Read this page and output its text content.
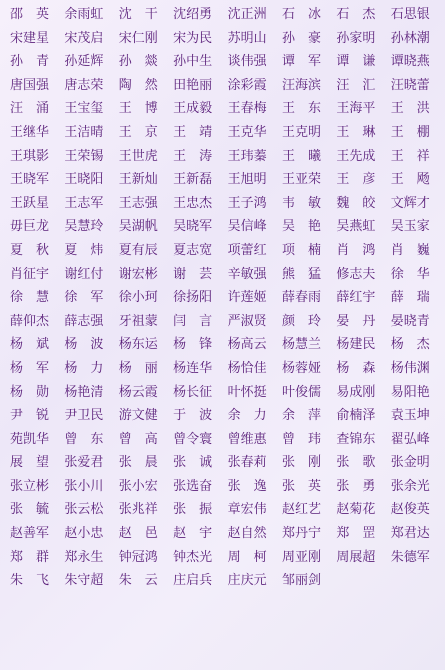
邵　英	余雨虹	沈　干	沈绍勇	沈正洲	石　冰	石　杰	石思银
宋建星	宋茂启	宋仁刚	宋为民	苏明山	孙　豪	孙家明	孙林潮
孙　青	孙延辉	孙　燚	孙中生	谈伟强	谭　军	谭　谦	谭晓燕
唐国强	唐志荣	陶　然	田艳丽	涂彩霞	汪海滨	汪　汇	汪晓蕾
汪　涌	王宝玺	王　博	王成毅	王春梅	王　东	王海平	王　洪
王继华	王洁晴	王　京	王　靖	王克华	王克明	王　琳	王　棚
王琪影	王荣锡	王世虎	王　涛	王玮蓁	王　曦	王先成	王　祥
王晓军	王晓阳	王新灿	王新磊	王旭明	王亚荣	王　彦	王　飏
王跃星	王志军	王志强	王忠杰	王子鸿	韦　敏	魏　皎	文辉才
毋巨龙	吴慧玲	吴湖帆	吴晓军	吴信峰	吴　艳	吴燕虹	吴玉家
夏　秋	夏　炜	夏有辰	夏志宽	项蕾红	项　楠	肖　鸿	肖　巍
肖征宇	谢红付	谢宏彬	谢　芸	辛敏强	熊　猛	修志夫	徐　华
徐　慧	徐　军	徐小珂	徐扬阳	许莲姬	薛春雨	薛红宇	薛　瑞
薛仰杰	薛志强	牙祖蒙	闫　言	严淑贤	颜　玲	晏　丹	晏晓青
杨　斌	杨　波	杨东运	杨　锋	杨高云	杨慧兰	杨建民	杨　杰
杨　军	杨　力	杨　丽	杨连华	杨恰佳	杨蓉娅	杨　森	杨伟渊
杨　勋	杨艳清	杨云霞	杨长征	叶怀挺	叶俊儒	易成刚	易阳艳
尹　锐	尹卫民	游文健	于　波	余　力	余　萍	俞楠泽	袁玉坤
苑凯华	曾　东	曾　高	曾令寰	曾维惠	曾　玮	查锦东	翟弘峰
展　望	张爱君	张　晨	张　诚	张春莉	张　刚	张　歌	张金明
张立彬	张小川	张小宏	张选奋	张　逸	张　英	张　勇	张余光
张　毓	张云松	张兆祥	张　振	章宏伟	赵红艺	赵菊花	赵俊英
赵善军	赵小忠	赵　邑	赵　宇	赵自然	郑丹宁	郑　罡	郑君达
郑　群	郑永生	钟冠鸿	钟杰光	周　柯	周亚刚	周展超	朱德军
朱　飞	朱守超	朱　云	庄启兵	庄庆元	邹丽剑
